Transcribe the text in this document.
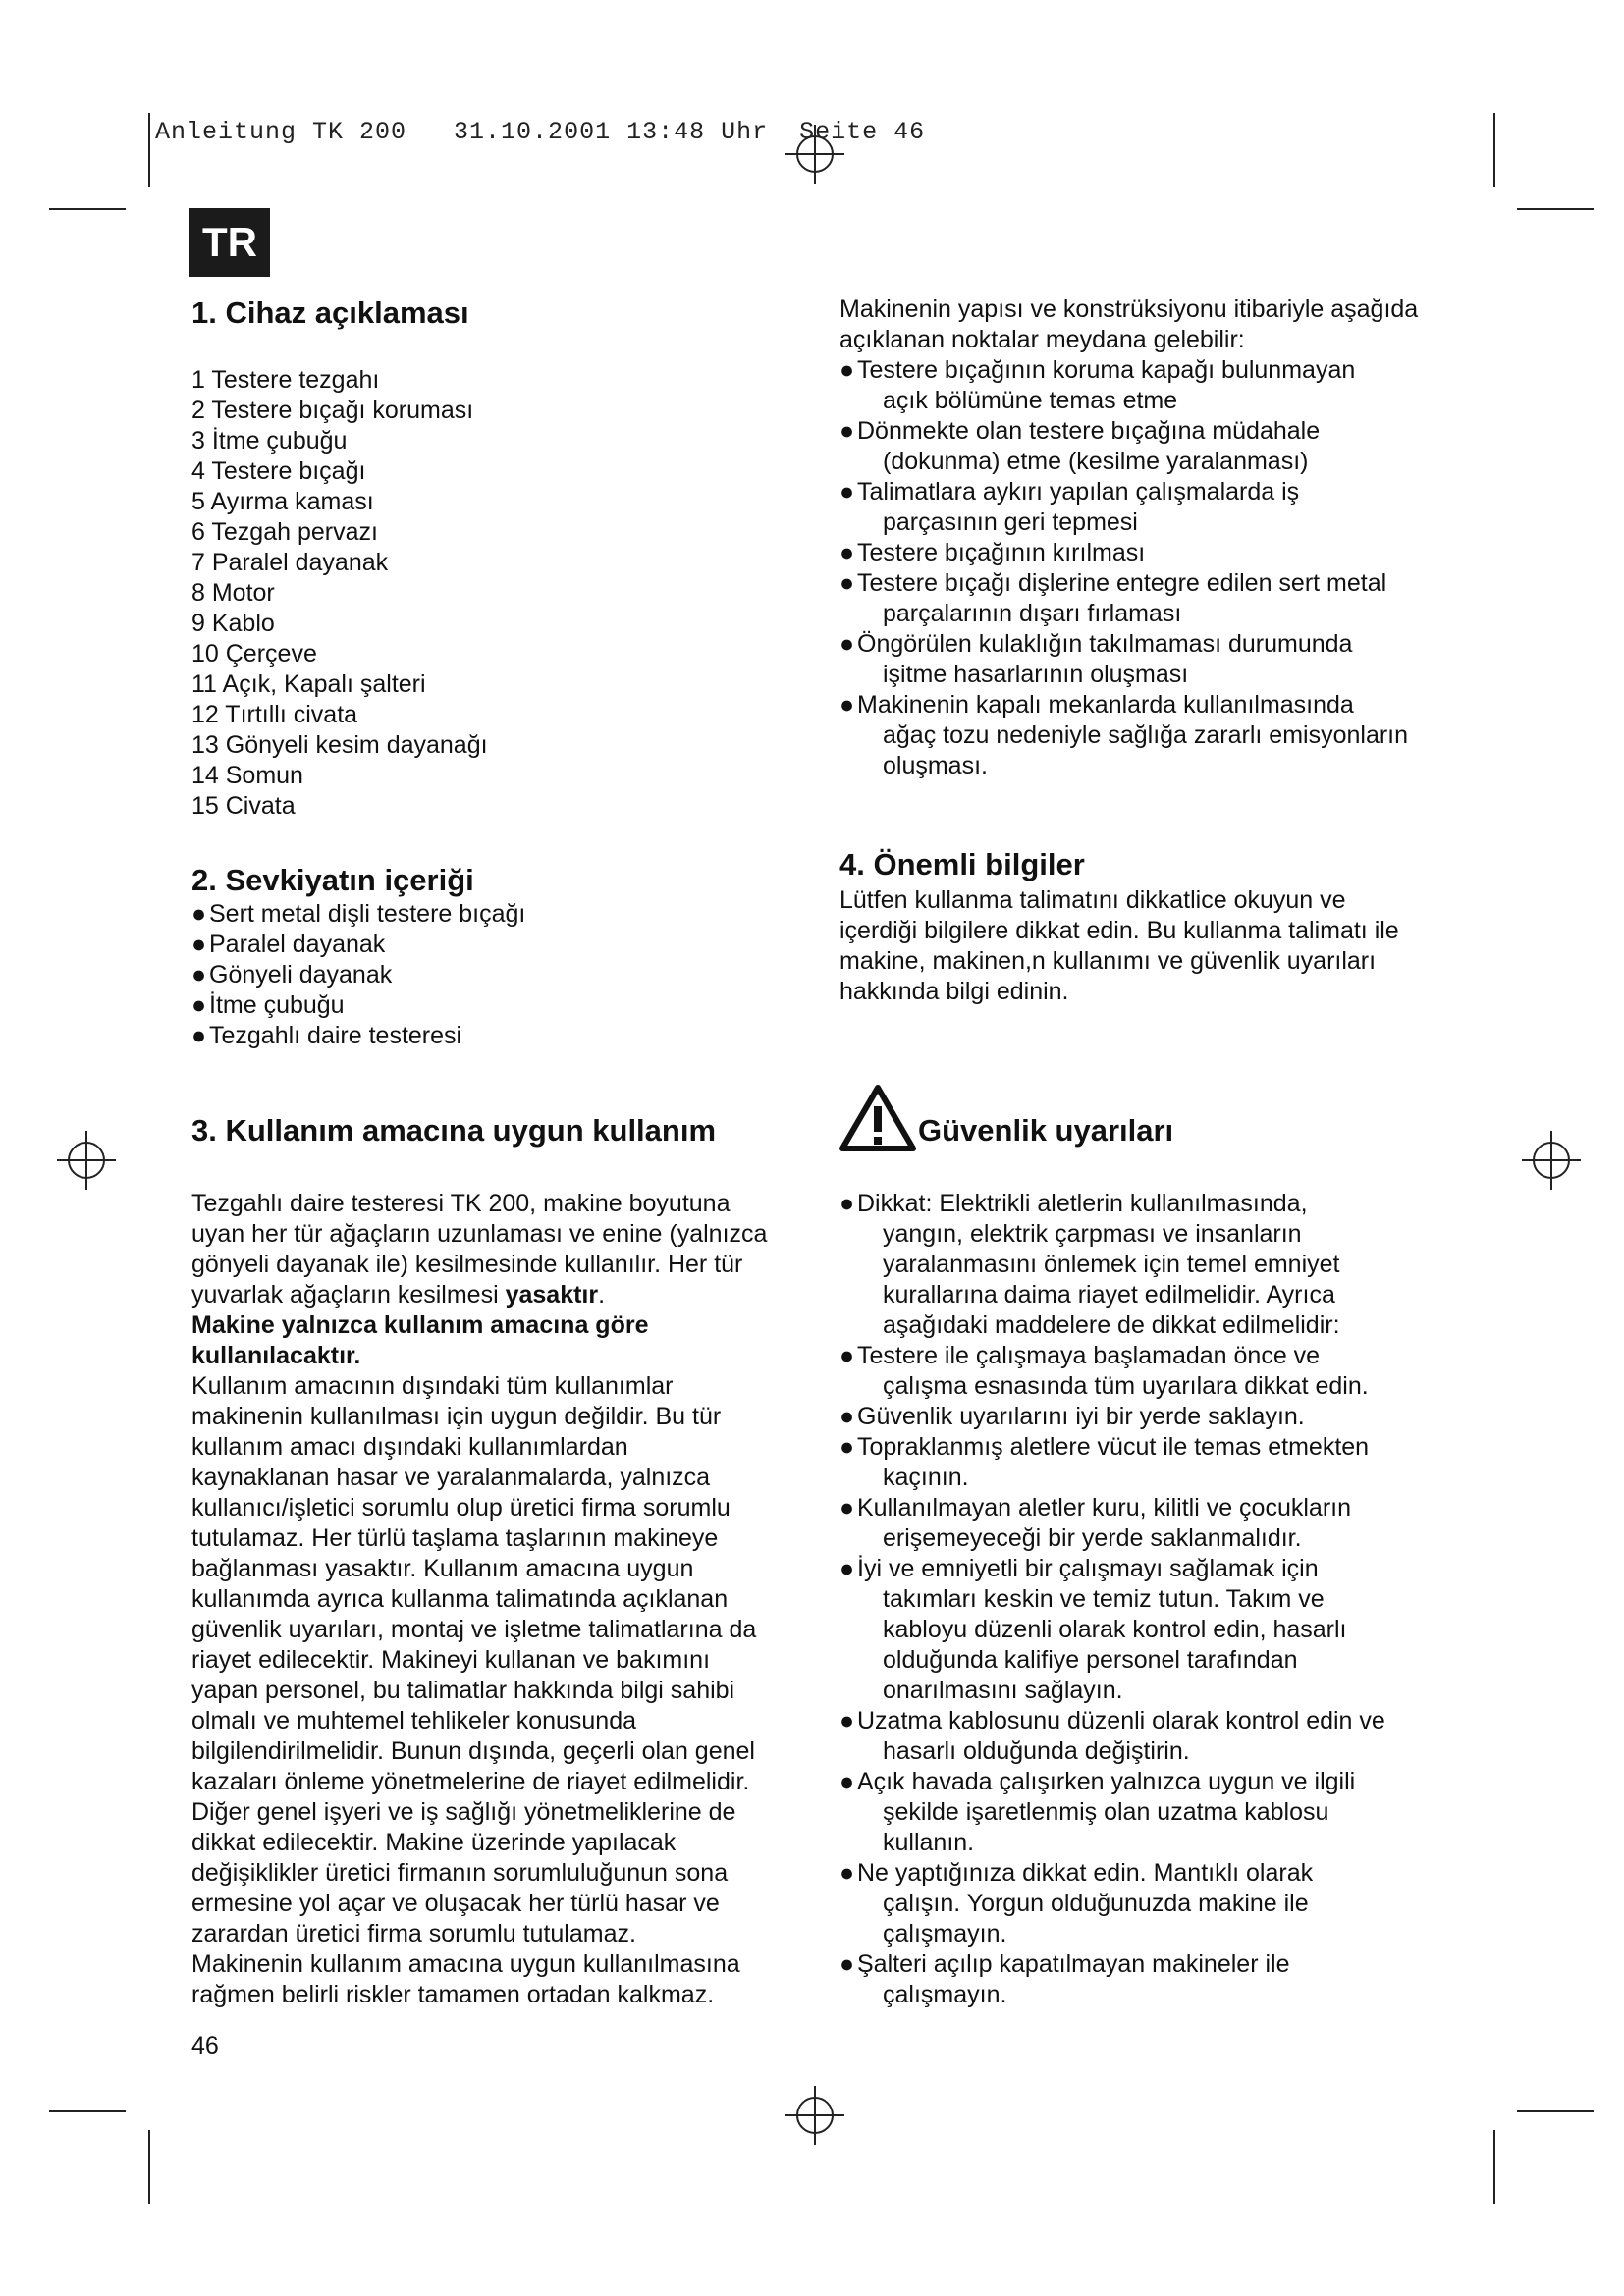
Anleitung TK 200   31.10.2001 13:48 Uhr  Seite 46
TR
1. Cihaz açıklaması

1 Testere tezgahı

2 Testere bıçağı koruması

3 İtme çubuğu

4 Testere bıçağı

5 Ayırma kaması

6 Tezgah pervazı

7 Paralel dayanak

8 Motor

9 Kablo

10 Çerçeve

11 Açık, Kapalı şalteri

12 Tırtıllı civata

13 Gönyeli kesim dayanağı

14 Somun

15 Civata

2. Sevkiyatın içeriği
● Sert metal dişli testere bıçağı

● Paralel dayanak

● Gönyeli dayanak

● İtme çubuğu

● Tezgahlı daire testeresi

3. Kullanım amacına uygun kullanım

Tezgahlı daire testeresi TK 200, makine boyutuna

uyan her tür ağaçların uzunlaması ve enine (yalnızca

gönyeli dayanak ile) kesilmesinde kullanılır. Her tür

yuvarlak ağaçların kesilmesi yasaktır.

Makine yalnızca kullanım amacına göre

kullanılacaktır.

Kullanım amacının dışındaki tüm kullanımlar

makinenin kullanılması için uygun değildir. Bu tür

kullanım amacı dışındaki kullanımlardan

kaynaklanan hasar ve yaralanmalarda, yalnızca

kullanıcı/işletici sorumlu olup üretici firma sorumlu

tutulamaz. Her türlü taşlama taşlarının makineye

bağlanması yasaktır. Kullanım amacına uygun

kullanımda ayrıca kullanma talimatında açıklanan

güvenlik uyarıları, montaj ve işletme talimatlarına da

riayet edilecektir. Makineyi kullanan ve bakımını

yapan personel, bu talimatlar hakkında bilgi sahibi

olmalı ve muhtemel tehlikeler konusunda

bilgilendirilmelidir. Bunun dışında, geçerli olan genel

kazaları önleme yönetmelerine de riayet edilmelidir.

Diğer genel işyeri ve iş sağlığı yönetmeliklerine de

dikkat edilecektir. Makine üzerinde yapılacak

değişiklikler üretici firmanın sorumluluğunun sona

ermesine yol açar ve oluşacak her türlü hasar ve

zarardan üretici firma sorumlu tutulamaz.

Makinenin kullanım amacına uygun kullanılmasına

rağmen belirli riskler tamamen ortadan kalkmaz.

46

Makinenin yapısı ve konstrüksiyonu itibariyle aşağıda

açıklanan noktalar meydana gelebilir:

● Testere bıçağının koruma kapağı bulunmayan

açık bölümüne temas etme

● Dönmekte olan testere bıçağına müdahale

(dokunma) etme (kesilme yaralanması)

● Talimatlara aykırı yapılan çalışmalarda iş

parçasının geri tepmesi

● Testere bıçağının kırılması

● Testere bıçağı dişlerine entegre edilen sert metal

parçalarının dışarı fırlaması

● Öngörülen kulaklığın takılmaması durumunda

işitme hasarlarının oluşması

● Makinenin kapalı mekanlarda kullanılmasında

ağaç tozu nedeniyle sağlığa zararlı emisyonların

oluşması.

4. Önemli bilgiler

Lütfen kullanma talimatını dikkatlice okuyun ve

içerdiği bilgilere dikkat edin. Bu kullanma talimatı ile

makine, makinen,n kullanımı ve güvenlik uyarıları

hakkında bilgi edinin.

Güvenlik uyarıları
● Dikkat: Elektrikli aletlerin kullanılmasında,

yangın, elektrik çarpması ve insanların

yaralanmasını önlemek için temel emniyet

kurallarına daima riayet edilmelidir. Ayrıca

aşağıdaki maddelere de dikkat edilmelidir:

● Testere ile çalışmaya başlamadan önce ve

çalışma esnasında tüm uyarılara dikkat edin.

● Güvenlik uyarılarını iyi bir yerde saklayın.

● Topraklanmış aletlere vücut ile temas etmekten

kaçının.

● Kullanılmayan aletler kuru, kilitli ve çocukların

erişemeyeceği bir yerde saklanmalıdır.

● İyi ve emniyetli bir çalışmayı sağlamak için

takımları keskin ve temiz tutun. Takım ve

kabloyu düzenli olarak kontrol edin, hasarlı

olduğunda kalifiye personel tarafından

onarılmasını sağlayın.

● Uzatma kablosunu düzenli olarak kontrol edin ve

hasarlı olduğunda değiştirin.

● Açık havada çalışırken yalnızca uygun ve ilgili

şekilde işaretlenmiş olan uzatma kablosu

kullanın.

● Ne yaptığınıza dikkat edin. Mantıklı olarak

çalışın. Yorgun olduğunuzda makine ile

çalışmayın.

● Şalteri açılıp kapatılmayan makineler ile

çalışmayın.
